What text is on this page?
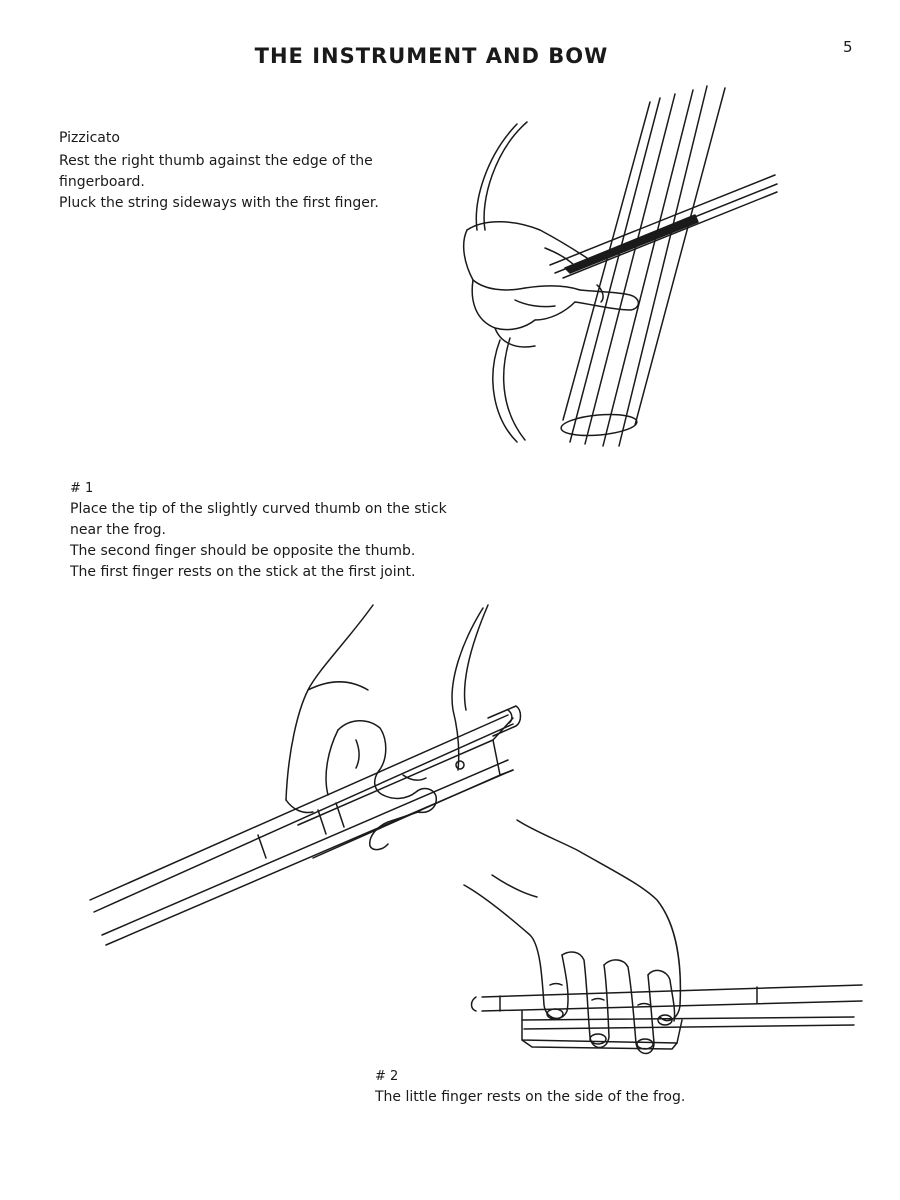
THE INSTRUMENT AND BOW	5

Pizzicato

Rest the right thumb against the edge of the fingerboard.

Pluck the string sideways with the first finger.

# 1

Place the tip of the slightly curved thumb on the stick near the frog.

The second finger should be opposite the thumb.

The first finger rests on the stick at the first joint.

# 2

The little finger rests on the side of the frog.
